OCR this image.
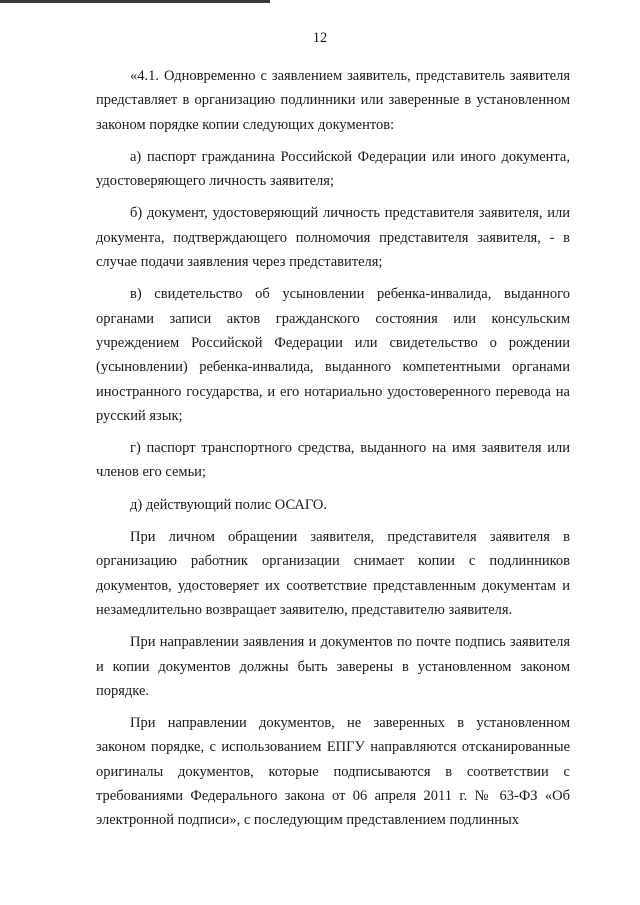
12

«4.1. Одновременно с заявлением заявитель, представитель заявителя представляет в организацию подлинники или заверенные в установленном законом порядке копии следующих документов:

а) паспорт гражданина Российской Федерации или иного документа, удостоверяющего личность заявителя;

б) документ, удостоверяющий личность представителя заявителя, или документа, подтверждающего полномочия представителя заявителя, - в случае подачи заявления через представителя;

в) свидетельство об усыновлении ребенка-инвалида, выданного органами записи актов гражданского состояния или консульским учреждением Российской Федерации или свидетельство о рождении (усыновлении) ребенка-инвалида, выданного компетентными органами иностранного государства, и его нотариально удостоверенного перевода на русский язык;

г) паспорт транспортного средства, выданного на имя заявителя или членов его семьи;

д) действующий полис ОСАГО.

При личном обращении заявителя, представителя заявителя в организацию работник организации снимает копии с подлинников документов, удостоверяет их соответствие представленным документам и незамедлительно возвращает заявителю, представителю заявителя.

При направлении заявления и документов по почте подпись заявителя и копии документов должны быть заверены в установленном законом порядке.

При направлении документов, не заверенных в установленном законом порядке, с использованием ЕПГУ направляются отсканированные оригиналы документов, которые подписываются в соответствии с требованиями Федерального закона от 06 апреля 2011 г. № 63-ФЗ «Об электронной подписи», с последующим представлением подлинных
